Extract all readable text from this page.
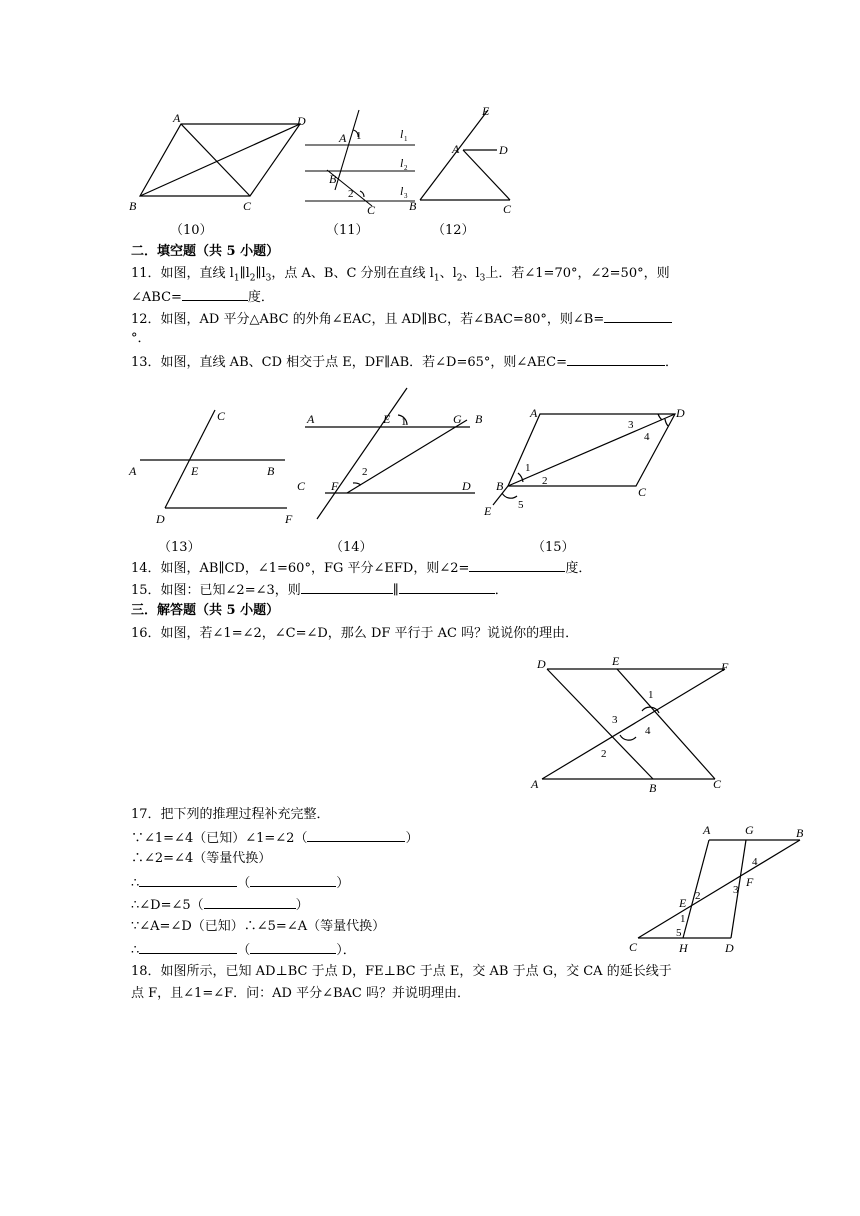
A	D
B	C
A 1
B
2
C
l 1
l 2
l 3
E
A	D
B	C
（10）	（11）	（12）
二．填空题（共 5 小题）
11．如图，直线 $l_1\parallel l_2\parallel l_3$，点 A、B、C 分别在直线 $l_1$、$l_2$、$l_3$上．若∠1=70°，∠2=50°，则
∠ABC=	度．
12．如图，AD 平分△ABC 的外角∠EAC，且 AD∥BC，若∠BAC=80°，则∠B=
°．
13．如图，直线 AB、CD 相交于点 E，DF∥AB．若∠D=65°，则∠AEC=	．
C
A	E	B
D	F
A	E 1	G B
2
C F	D
A	D
3
4
1
2
B	C
5
E
（13）	（14）	（15）
14．如图，AB∥CD，∠1=60°，FG 平分∠EFD，则∠2=	度．
15．如图：已知∠2=∠3，则	∥	．
三．解答题（共 5 小题）
16．如图，若∠1=∠2，∠C=∠D，那么 DF 平行于 AC 吗？说说你的理由．
D	E	F
1
3
4
2
A	B	C
17．把下列的推理过程补充完整．
∵∠1=∠4（已知）∠1=∠2（	）
∴∠2=∠4（等量代换）
∴	（	）
∴∠D=∠5（	）
∵∠A=∠D（已知）∴∠5=∠A（等量代换）
∴	（	）．
A	G	B
4
F
3
2
E
1
5
C	H	D
18．如图所示，已知 AD⊥BC 于点 D，FE⊥BC 于点 E，交 AB 于点 G，交 CA 的延长线于
点 F，且∠1=∠F．问：AD 平分∠BAC 吗？并说明理由．
